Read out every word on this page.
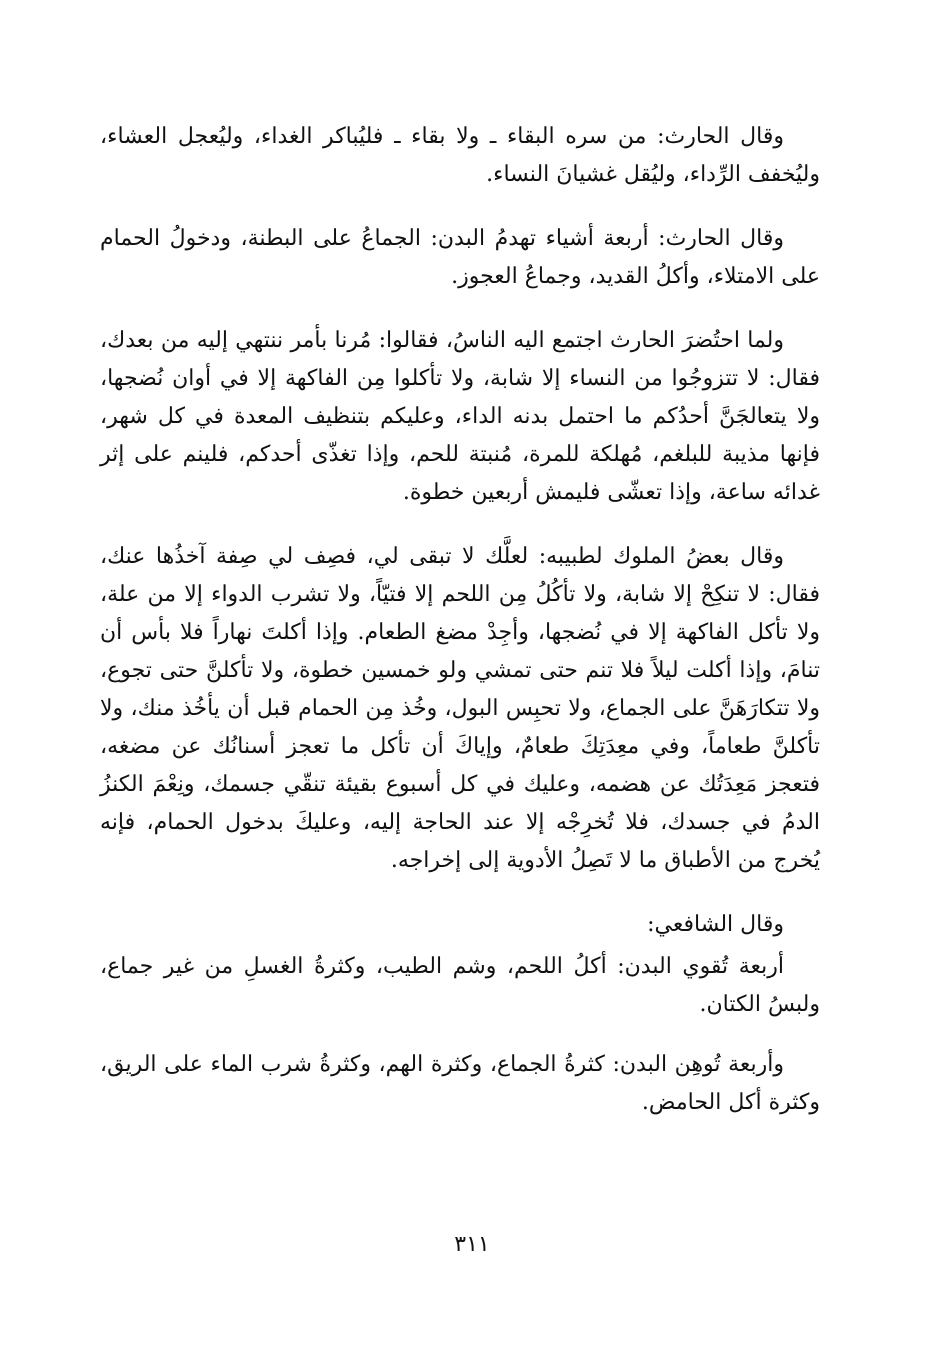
وقال الحارث: من سره البقاء ـ ولا بقاء ـ فليُباكر الغداء، وليُعجل العشاء، وليُخفف الرِّداء، وليُقل غشيانَ النساء.

وقال الحارث: أربعة أشياء تهدمُ البدن: الجماعُ على البطنة، ودخولُ الحمام على الامتلاء، وأكلُ القديد، وجماعُ العجوز.

ولما احتُضرَ الحارث اجتمع اليه الناسُ، فقالوا: مُرنا بأمر ننتهي إليه من بعدك، فقال: لا تتزوجُوا من النساء إلا شابة، ولا تأكلوا مِن الفاكهة إلا في أوان نُضجها، ولا يتعالجَنَّ أحدُكم ما احتمل بدنه الداء، وعليكم بتنظيف المعدة في كل شهر، فإنها مذيبة للبلغم، مُهلكة للمرة، مُنبتة للحم، وإذا تغذّى أحدكم، فلينم على إثر غدائه ساعة، وإذا تعشّى فليمش أربعين خطوة.

وقال بعضُ الملوك لطبيبه: لعلَّك لا تبقى لي، فصِف لي صِفة آخذُها عنك، فقال: لا تنكِحْ إلا شابة، ولا تأكُلُ مِن اللحم إلا فتيّاً، ولا تشرب الدواء إلا من علة، ولا تأكل الفاكهة إلا في نُضجها، وأجِدْ مضغ الطعام. وإذا أكلتَ نهاراً فلا بأس أن تنامَ، وإذا أكلت ليلاً فلا تنم حتى تمشي ولو خمسين خطوة، ولا تأكلنَّ حتى تجوع، ولا تتكارَهَنَّ على الجماع، ولا تحبِس البول، وخُذ مِن الحمام قبل أن يأخُذ منك، ولا تأكلنَّ طعاماً، وفي معِدَتِكَ طعامٌ، وإياكَ أن تأكل ما تعجز أسنانُك عن مضغه، فتعجز مَعِدَتُك عن هضمه، وعليك في كل أسبوع بقيئة تنقّي جسمك، ونِعْمَ الكنزُ الدمُ في جسدك، فلا تُخرِجْه إلا عند الحاجة إليه، وعليكَ بدخول الحمام، فإنه يُخرج من الأطباق ما لا تَصِلُ الأدوية إلى إخراجه.

وقال الشافعي:

أربعة تُقوي البدن: أكلُ اللحم، وشم الطيب، وكثرةُ الغسلِ من غير جماع، ولبسُ الكتان.

وأربعة تُوهِن البدن: كثرةُ الجماع، وكثرة الهم، وكثرةُ شرب الماء على الريق، وكثرة أكل الحامض.

٣١١
